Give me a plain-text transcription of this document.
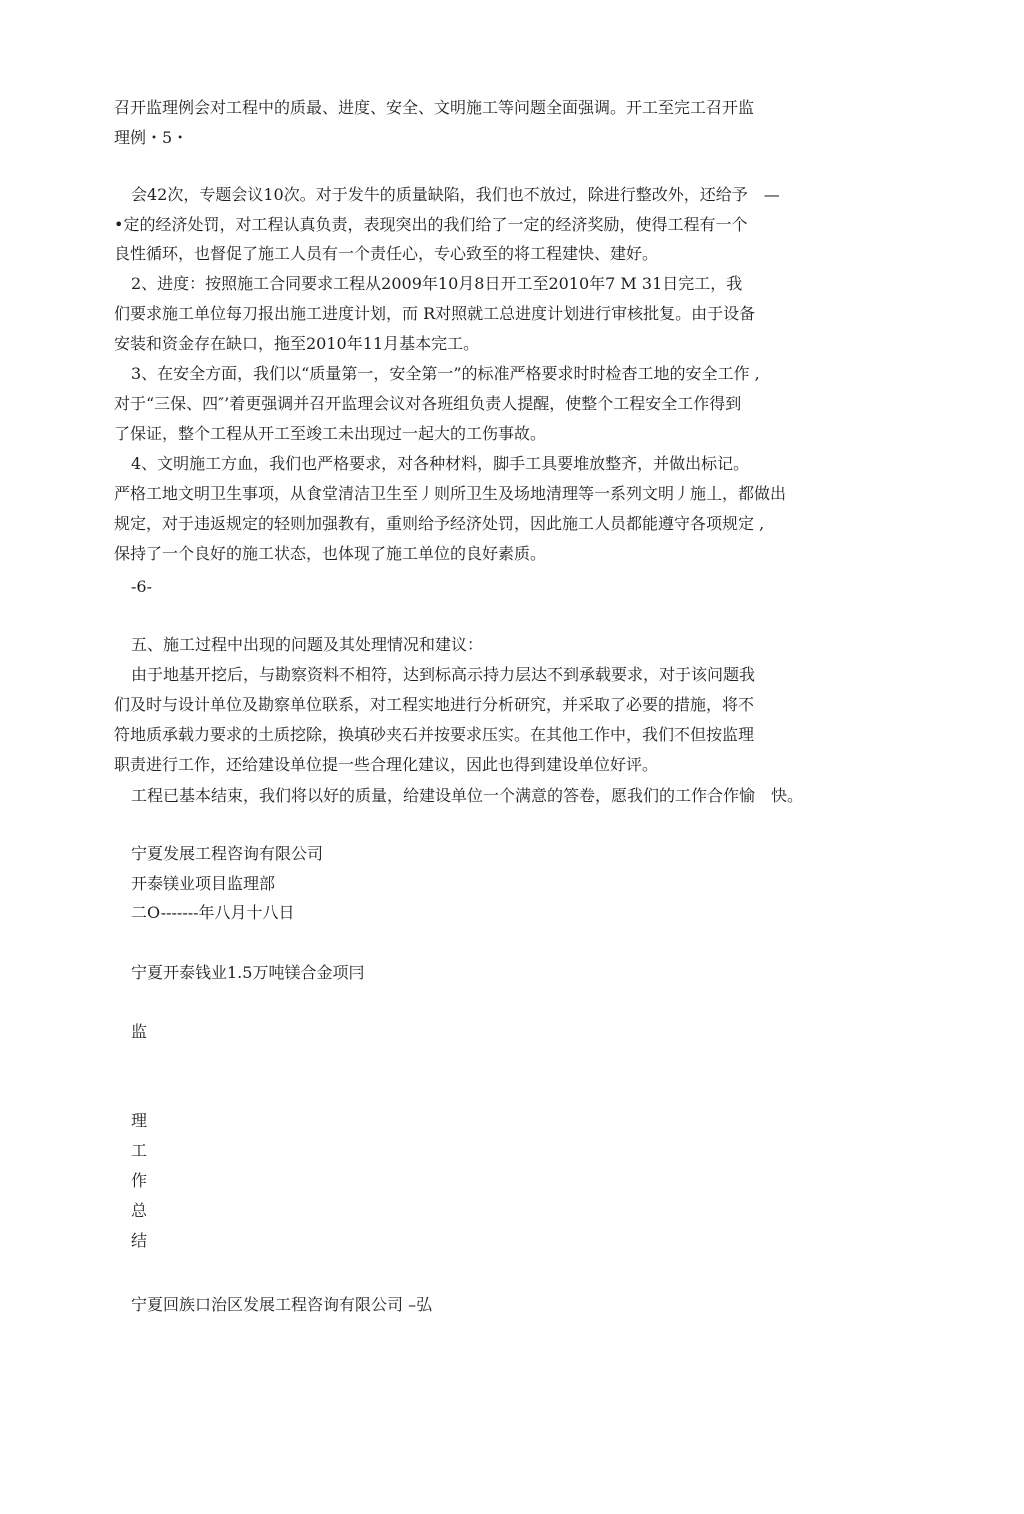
召开监理例会对工程中的质最、进度、安全、文明施工等问题全面强调。开工至完工召开监
理例・5・
会42次，专题会议10次。对于发牛的质量缺陷，我们也不放过，除进行整改外，还给予　—
•定的经济处罚，对工程认真负责，表现突出的我们给了一定的经济奖励，使得工程有一个
良性循环，也督促了施工人员有一个责任心，专心致至的将工程建快、建好。
2、进度：按照施工合同要求工程从2009年10月8日开工至2010年7 M 31日完工，我
们要求施工单位每刀报出施工进度计划，而 R对照就工总进度计划进行审核批复。由于设备
安装和资金存在缺口，拖至2010年11月基本完工。
3、在安全方面，我们以“质量第一，安全第一”的标准严格要求时时检杳工地的安全工作 ,
对于“三保、四″’着更强调并召开监理会议对各班组负责人提醒，使整个工程安全工作得到
了保证，整个工程从开工至竣工未出现过一起大的工伤事故。
4、文明施工方血，我们也严格要求，对各种材料，脚手工具要堆放整齐，并做出标记。
严格工地文明卫生事项，从食堂清洁卫生至丿则所卫生及场地清理等一系列文明丿施丄，都做出
规定，对于违返规定的轻则加强教有，重则给予经济处罚，因此施工人员都能遵守各项规定 ,
保持了一个良好的施工状态，也体现了施工单位的良好素质。
-6-
五、施工过程中出现的问题及其处理情况和建议：
由于地基开挖后，与勘察资料不相符，达到标高示持力层达不到承载要求，对于该问题我
们及时与设计单位及勘察单位联系，对工程实地进行分析研究，并采取了必要的措施，将不
符地质承载力要求的土质挖除，换填砂夹石并按要求压实。在其他工作中，我们不但按监理
职责进行工作，还给建设单位提一些合理化建议，因此也得到建设单位好评。
工程已基本结束，我们将以好的质量，给建设单位一个满意的答卷，愿我们的工作合作愉　快。
宁夏发展工程咨询有限公司
开泰镁业项目监理部
二O-------年八月十八日
宁夏开泰钱业1.5万吨镁合金项冃
监
理
工
作
总
结
宁夏回族口治区发展工程咨询有限公司 –弘
